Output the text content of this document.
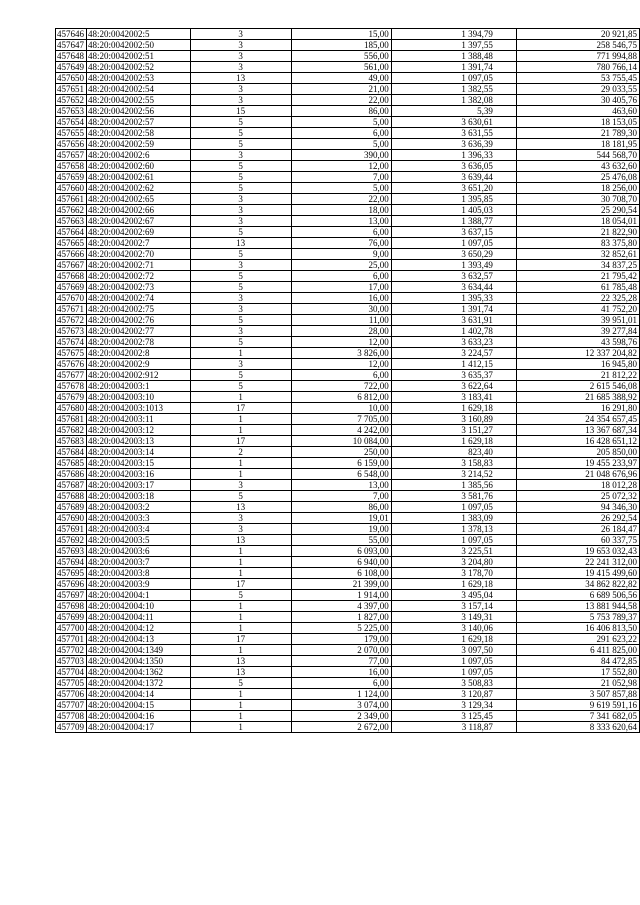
457646	48:20:0042002:5	3	15,00	1 394,79	20 921,85
457647	48:20:0042002:50	3	185,00	1 397,55	258 546,75
457648	48:20:0042002:51	3	556,00	1 388,48	771 994,88
457649	48:20:0042002:52	3	561,00	1 391,74	780 766,14
457650	48:20:0042002:53	13	49,00	1 097,05	53 755,45
457651	48:20:0042002:54	3	21,00	1 382,55	29 033,55
457652	48:20:0042002:55	3	22,00	1 382,08	30 405,76
457653	48:20:0042002:56	15	86,00	5,39	463,60
457654	48:20:0042002:57	5	5,00	3 630,61	18 153,05
457655	48:20:0042002:58	5	6,00	3 631,55	21 789,30
457656	48:20:0042002:59	5	5,00	3 636,39	18 181,95
457657	48:20:0042002:6	3	390,00	1 396,33	544 568,70
457658	48:20:0042002:60	5	12,00	3 636,05	43 632,60
457659	48:20:0042002:61	5	7,00	3 639,44	25 476,08
457660	48:20:0042002:62	5	5,00	3 651,20	18 256,00
457661	48:20:0042002:65	3	22,00	1 395,85	30 708,70
457662	48:20:0042002:66	3	18,00	1 405,03	25 290,54
457663	48:20:0042002:67	3	13,00	1 388,77	18 054,01
457664	48:20:0042002:69	5	6,00	3 637,15	21 822,90
457665	48:20:0042002:7	13	76,00	1 097,05	83 375,80
457666	48:20:0042002:70	5	9,00	3 650,29	32 852,61
457667	48:20:0042002:71	3	25,00	1 393,49	34 837,25
457668	48:20:0042002:72	5	6,00	3 632,57	21 795,42
457669	48:20:0042002:73	5	17,00	3 634,44	61 785,48
457670	48:20:0042002:74	3	16,00	1 395,33	22 325,28
457671	48:20:0042002:75	3	30,00	1 391,74	41 752,20
457672	48:20:0042002:76	5	11,00	3 631,91	39 951,01
457673	48:20:0042002:77	3	28,00	1 402,78	39 277,84
457674	48:20:0042002:78	5	12,00	3 633,23	43 598,76
457675	48:20:0042002:8	1	3 826,00	3 224,57	12 337 204,82
457676	48:20:0042002:9	3	12,00	1 412,15	16 945,80
457677	48:20:0042002:912	5	6,00	3 635,37	21 812,22
457678	48:20:0042003:1	5	722,00	3 622,64	2 615 546,08
457679	48:20:0042003:10	1	6 812,00	3 183,41	21 685 388,92
457680	48:20:0042003:1013	17	10,00	1 629,18	16 291,80
457681	48:20:0042003:11	1	7 705,00	3 160,89	24 354 657,45
457682	48:20:0042003:12	1	4 242,00	3 151,27	13 367 687,34
457683	48:20:0042003:13	17	10 084,00	1 629,18	16 428 651,12
457684	48:20:0042003:14	2	250,00	823,40	205 850,00
457685	48:20:0042003:15	1	6 159,00	3 158,83	19 455 233,97
457686	48:20:0042003:16	1	6 548,00	3 214,52	21 048 676,96
457687	48:20:0042003:17	3	13,00	1 385,56	18 012,28
457688	48:20:0042003:18	5	7,00	3 581,76	25 072,32
457689	48:20:0042003:2	13	86,00	1 097,05	94 346,30
457690	48:20:0042003:3	3	19,01	1 383,09	26 292,54
457691	48:20:0042003:4	3	19,00	1 378,13	26 184,47
457692	48:20:0042003:5	13	55,00	1 097,05	60 337,75
457693	48:20:0042003:6	1	6 093,00	3 225,51	19 653 032,43
457694	48:20:0042003:7	1	6 940,00	3 204,80	22 241 312,00
457695	48:20:0042003:8	1	6 108,00	3 178,70	19 415 499,60
457696	48:20:0042003:9	17	21 399,00	1 629,18	34 862 822,82
457697	48:20:0042004:1	5	1 914,00	3 495,04	6 689 506,56
457698	48:20:0042004:10	1	4 397,00	3 157,14	13 881 944,58
457699	48:20:0042004:11	1	1 827,00	3 149,31	5 753 789,37
457700	48:20:0042004:12	1	5 225,00	3 140,06	16 406 813,50
457701	48:20:0042004:13	17	179,00	1 629,18	291 623,22
457702	48:20:0042004:1349	1	2 070,00	3 097,50	6 411 825,00
457703	48:20:0042004:1350	13	77,00	1 097,05	84 472,85
457704	48:20:0042004:1362	13	16,00	1 097,05	17 552,80
457705	48:20:0042004:1372	5	6,00	3 508,83	21 052,98
457706	48:20:0042004:14	1	1 124,00	3 120,87	3 507 857,88
457707	48:20:0042004:15	1	3 074,00	3 129,34	9 619 591,16
457708	48:20:0042004:16	1	2 349,00	3 125,45	7 341 682,05
457709	48:20:0042004:17	1	2 672,00	3 118,87	8 333 620,64
